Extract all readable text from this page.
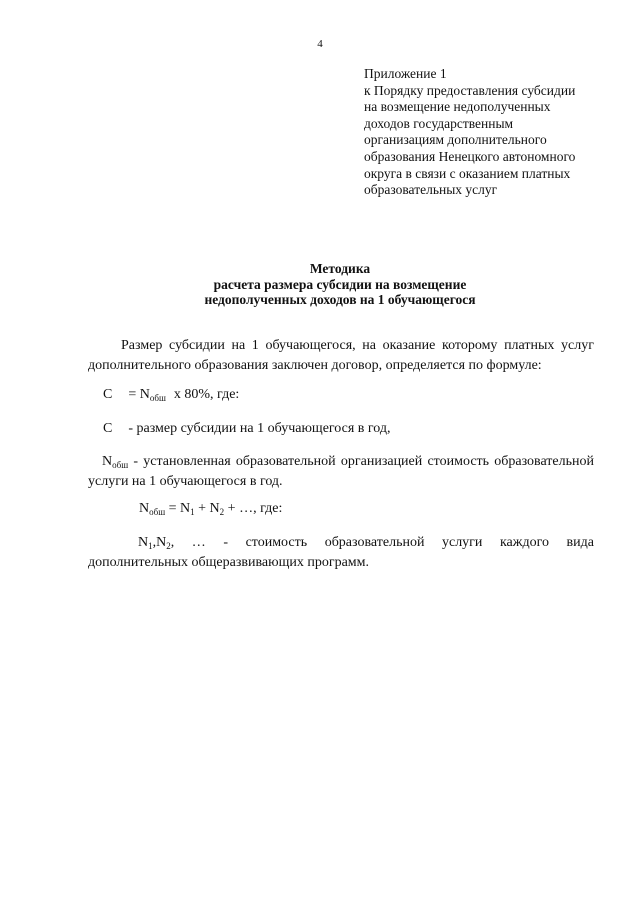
4
Приложение 1
к Порядку предоставления субсидии
на возмещение недополученных
доходов государственным
организациям дополнительного
образования Ненецкого автономного
округа в связи с оказанием платных
образовательных услуг
Методика
расчета размера субсидии на возмещение
недополученных доходов на 1 обучающегося
Размер субсидии на 1 обучающегося, на оказание которому платных услуг дополнительного образования заключен договор, определяется по формуле:
$С = N_{обш}$ х 80%, где:
С - размер субсидии на 1 обучающегося в год,
$N_{обш}$ - установленная образовательной организацией стоимость образовательной услуги на 1 обучающегося в год.
$N_{обш} = N_1 + N_2$ + …, где:
$N_1,N_2$, … - стоимость образовательной услуги каждого вида
дополнительных общеразвивающих программ.
